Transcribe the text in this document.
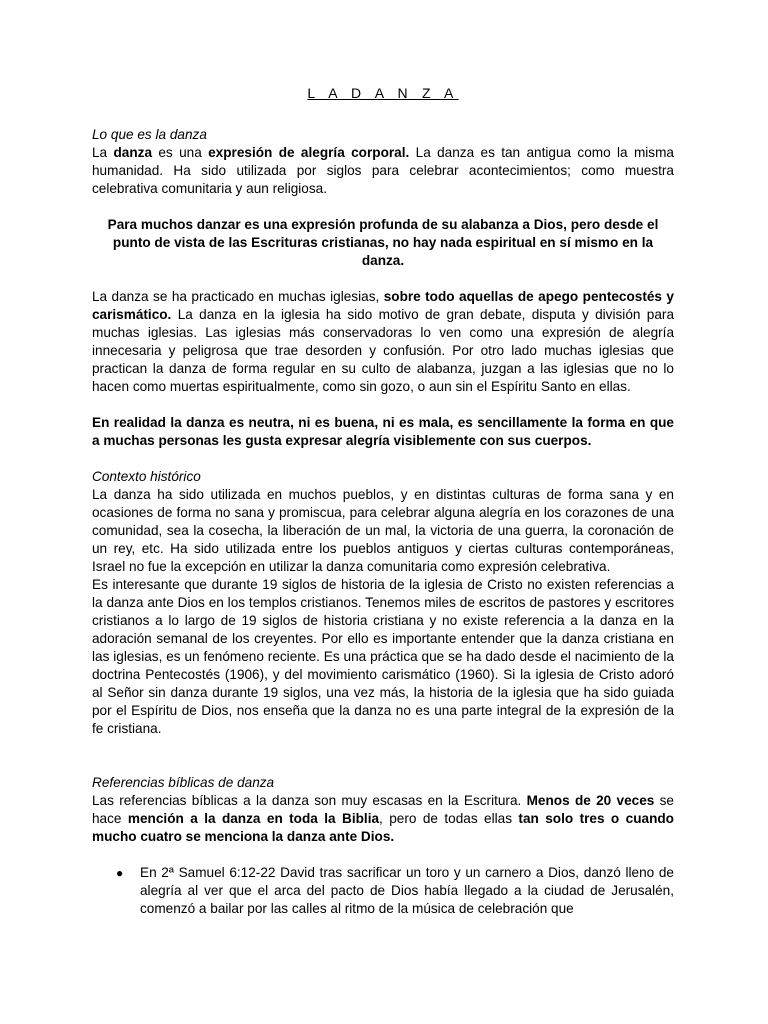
L A D A N Z A
Lo que es la danza

La danza es una expresión de alegría corporal. La danza es tan antigua como la misma humanidad. Ha sido utilizada por siglos para celebrar acontecimientos; como muestra celebrativa comunitaria y aun religiosa.

Para muchos danzar es una expresión profunda de su alabanza a Dios, pero desde el punto de vista de las Escrituras cristianas, no hay nada espiritual en sí mismo en la danza.

La danza se ha practicado en muchas iglesias, sobre todo aquellas de apego pentecostés y carismático. La danza en la iglesia ha sido motivo de gran debate, disputa y división para muchas iglesias. Las iglesias más conservadoras lo ven como una expresión de alegría innecesaria y peligrosa que trae desorden y confusión. Por otro lado muchas iglesias que practican la danza de forma regular en su culto de alabanza, juzgan a las iglesias que no lo hacen como muertas espiritualmente, como sin gozo, o aun sin el Espíritu Santo en ellas.

En realidad la danza es neutra, ni es buena, ni es mala, es sencillamente la forma en que a muchas personas les gusta expresar alegría visiblemente con sus cuerpos.

Contexto histórico

La danza ha sido utilizada en muchos pueblos, y en distintas culturas de forma sana y en ocasiones de forma no sana y promiscua, para celebrar alguna alegría en los corazones de una comunidad, sea la cosecha, la liberación de un mal, la victoria de una guerra, la coronación de un rey, etc. Ha sido utilizada entre los pueblos antiguos y ciertas culturas contemporáneas, Israel no fue la excepción en utilizar la danza comunitaria como expresión celebrativa.

Es interesante que durante 19 siglos de historia de la iglesia de Cristo no existen referencias a la danza ante Dios en los templos cristianos. Tenemos miles de escritos de pastores y escritores cristianos a lo largo de 19 siglos de historia cristiana y no existe referencia a la danza en la adoración semanal de los creyentes. Por ello es importante entender que la danza cristiana en las iglesias, es un fenómeno reciente. Es una práctica que se ha dado desde el nacimiento de la doctrina Pentecostés (1906), y del movimiento carismático (1960). Si la iglesia de Cristo adoró al Señor sin danza durante 19 siglos, una vez más, la historia de la iglesia que ha sido guiada por el Espíritu de Dios, nos enseña que la danza no es una parte integral de la expresión de la fe cristiana.

Referencias bíblicas de danza

Las referencias bíblicas a la danza son muy escasas en la Escritura. Menos de 20 veces se hace mención a la danza en toda la Biblia, pero de todas ellas tan solo tres o cuando mucho cuatro se menciona la danza ante Dios.

● En 2ª Samuel 6:12-22 David tras sacrificar un toro y un carnero a Dios, danzó lleno de alegría al ver que el arca del pacto de Dios había llegado a la ciudad de Jerusalén, comenzó a bailar por las calles al ritmo de la música de celebración que
